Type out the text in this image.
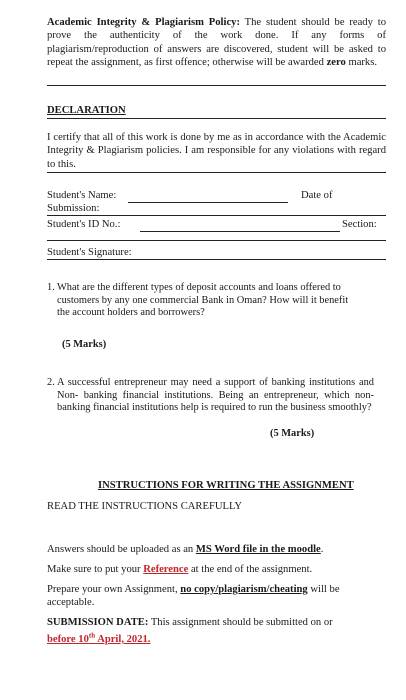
Academic Integrity & Plagiarism Policy: The student should be ready to prove the authenticity of the work done. If any forms of plagiarism/reproduction of answers are discovered, student will be asked to repeat the assignment, as first offence; otherwise will be awarded zero marks.
DECLARATION
I certify that all of this work is done by me as in accordance with the Academic Integrity & Plagiarism policies. I am responsible for any violations with regard to this.
Student's Name:	Date of
Submission:
Student's ID No.:	Section:
Student's Signature:
1. What are the different types of deposit accounts and loans offered to customers by any one commercial Bank in Oman? How will it benefit the account holders and borrowers?
(5 Marks)
2. A successful entrepreneur may need a support of banking institutions and Non- banking financial institutions. Being an entrepreneur, which non- banking financial institutions help is required to run the business smoothly?
(5 Marks)
INSTRUCTIONS FOR WRITING THE ASSIGNMENT
READ THE INSTRUCTIONS CAREFULLY
Answers should be uploaded as an MS Word file in the moodle.
Make sure to put your Reference at the end of the assignment.
Prepare your own Assignment, no copy/plagiarism/cheating will be acceptable.
SUBMISSION DATE: This assignment should be submitted on or
before 10th April, 2021.
